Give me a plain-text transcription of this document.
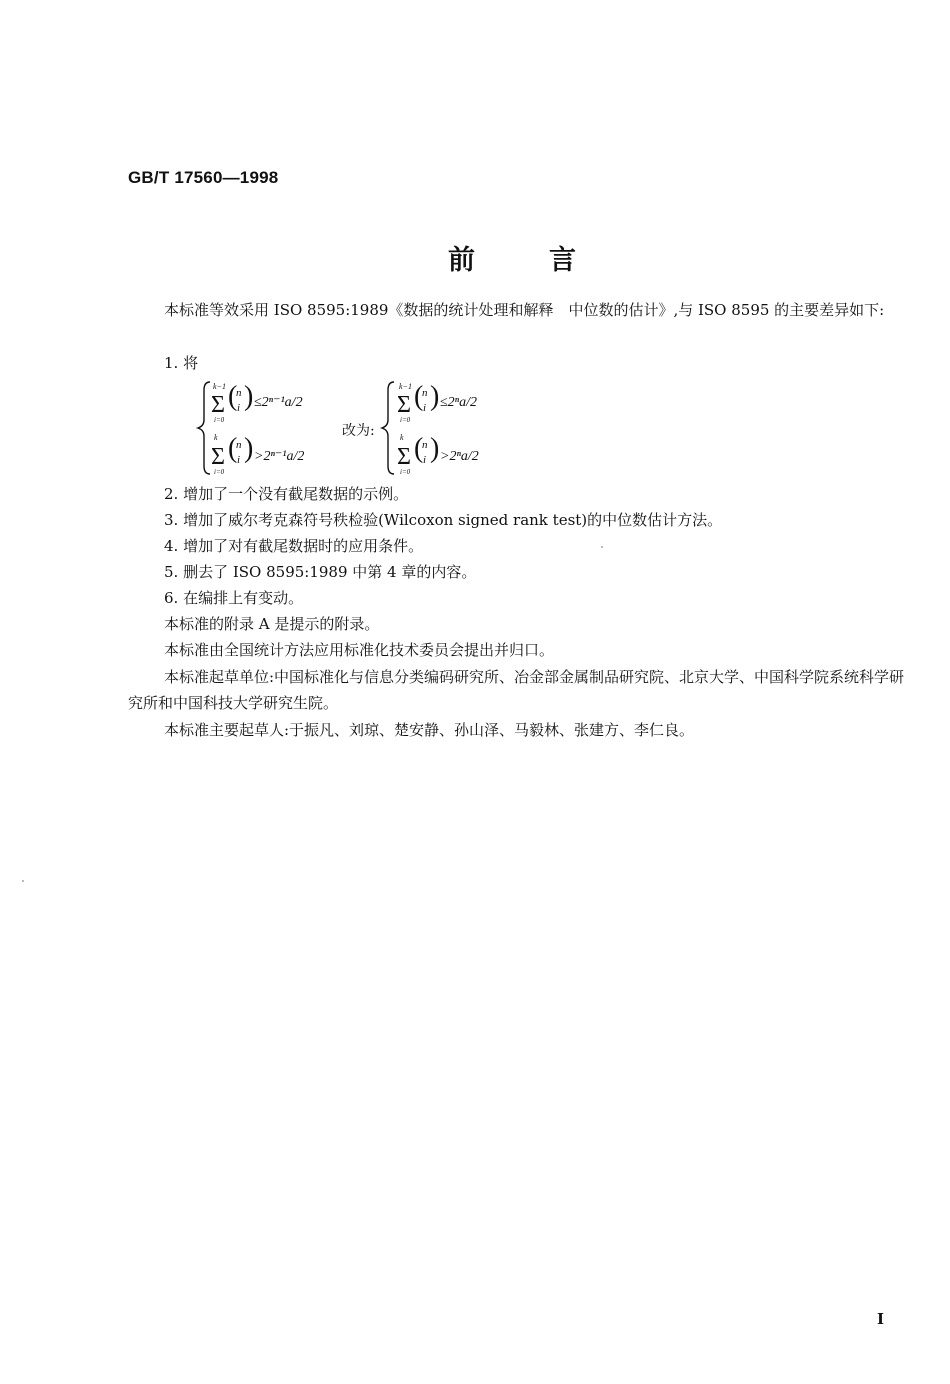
GB/T 17560—1998
前言

本标准等效采用 ISO 8595:1989《数据的统计处理和解释　中位数的估计》,与 ISO 8595 的主要差异如下:

1. 将
k−1
Σ
i=0
(
n
i ) ≤2ⁿ⁻¹a/2
k
Σ
i=0
(
n
i ) >2ⁿ⁻¹a/2
改为:
k−1
Σ
i=0
(
n
i ) ≤2ⁿa/2
k
Σ
i=0
(
n
i ) >2ⁿa/2
2. 增加了一个没有截尾数据的示例。
3. 增加了威尔考克森符号秩检验(Wilcoxon signed rank test)的中位数估计方法。
4. 增加了对有截尾数据时的应用条件。
5. 删去了 ISO 8595:1989 中第 4 章的内容。
6. 在编排上有变动。

本标准的附录 A 是提示的附录。

本标准由全国统计方法应用标准化技术委员会提出并归口。

本标准起草单位:中国标准化与信息分类编码研究所、冶金部金属制品研究院、北京大学、中国科学院系统科学研究所和中国科技大学研究生院。

本标准主要起草人:于振凡、刘琼、楚安静、孙山泽、马毅林、张建方、李仁良。

I
